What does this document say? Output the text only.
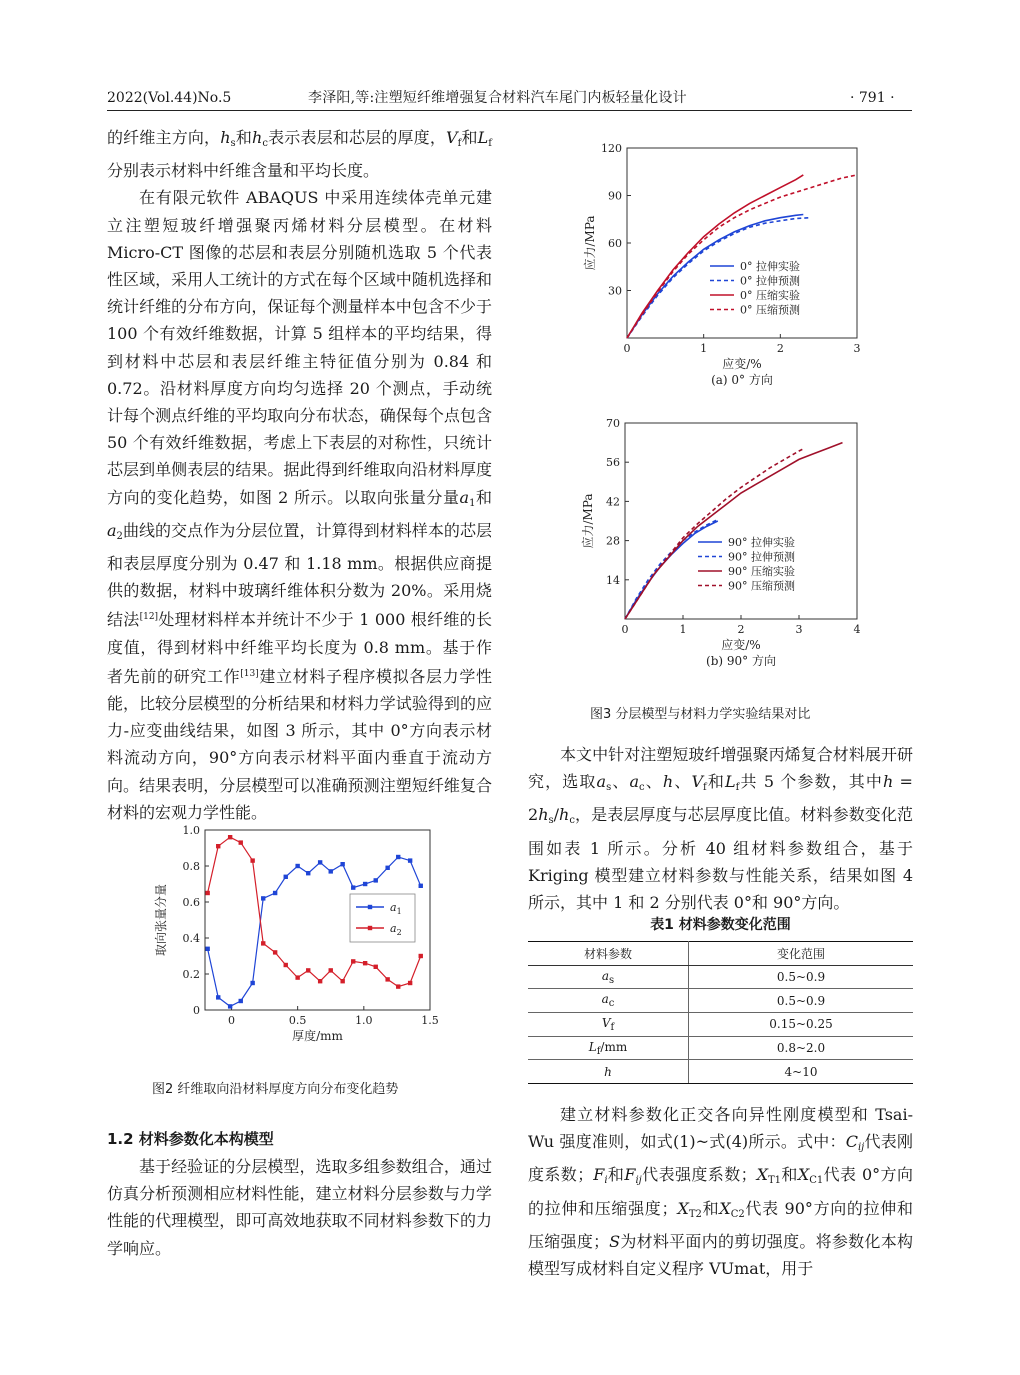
2022(Vol.44)No.5	李泽阳,等:注塑短纤维增强复合材料汽车尾门内板轻量化设计	· 791 ·

的纤维主方向，$h_s$和$h_c$表示表层和芯层的厚度，$V_f$和$L_f$分别表示材料中纤维含量和平均长度。

在有限元软件 ABAQUS 中采用连续体壳单元建立注塑短玻纤增强聚丙烯材料分层模型。在材料 Micro-CT 图像的芯层和表层分别随机选取 5 个代表性区域，采用人工统计的方式在每个区域中随机选择和统计纤维的分布方向，保证每个测量样本中包含不少于 100 个有效纤维数据，计算 5 组样本的平均结果，得到材料中芯层和表层纤维主特征值分别为 0.84 和 0.72。沿材料厚度方向均匀选择 20 个测点，手动统计每个测点纤维的平均取向分布状态，确保每个点包含 50 个有效纤维数据，考虑上下表层的对称性，只统计芯层到单侧表层的结果。据此得到纤维取向沿材料厚度方向的变化趋势，如图 2 所示。以取向张量分量$a_1$和$a_2$曲线的交点作为分层位置，计算得到材料样本的芯层和表层厚度分别为 0.47 和 1.18 mm。根据供应商提供的数据，材料中玻璃纤维体积分数为 20%。采用烧结法[12]处理材料样本并统计不少于 1 000 根纤维的长度值，得到材料中纤维平均长度为 0.8 mm。基于作者先前的研究工作[13]建立材料子程序模拟各层力学性能，比较分层模型的分析结果和材料力学试验得到的应力-应变曲线结果，如图 3 所示，其中 0°方向表示材料流动方向，90°方向表示材料平面内垂直于流动方向。结果表明，分层模型可以准确预测注塑短纤维复合材料的宏观力学性能。

0	0.5	1.0	1.5
0
0.2
0.4
0.6
0.8
1.0
厚度/mm
取向张量分量	$a_1$
$a_2$
图2 纤维取向沿材料厚度方向分布变化趋势
1.2 材料参数化本构模型

基于经验证的分层模型，选取多组参数组合，通过仿真分析预测相应材料性能，建立材料分层参数与力学性能的代理模型，即可高效地获取不同材料参数下的力学响应。

0	1	2	3
30
60
90
120
应变/%
应力/MPa
(a) 0° 方向
0° 拉伸实验
0° 拉伸预测
0° 压缩实验
0° 压缩预测
0	1	2	3	4
14
28
42
56
70
应变/%
应力/MPa
(b) 90° 方向
90° 拉伸实验
90° 拉伸预测
90° 压缩实验
90° 压缩预测
图3 分层模型与材料力学实验结果对比

本文中针对注塑短玻纤增强聚丙烯复合材料展开研究，选取$a_s$、$a_c$、h、$V_f$和$L_f$共 5 个参数，其中$h = 2h_s/h_c$，是表层厚度与芯层厚度比值。材料参数变化范围如表 1 所示。分析 40 组材料参数组合，基于 Kriging 模型建立材料参数与性能关系，结果如图 4 所示，其中 1 和 2 分别代表 0°和 90°方向。

表1 材料参数变化范围
材料参数	变化范围
$a_s$	0.5~0.9
$a_c$	0.5~0.9
$V_f$	0.15~0.25
$L_f/mm$	0.8~2.0
h	4~10

建立材料参数化正交各向异性刚度模型和 Tsai-Wu 强度准则，如式(1)~式(4)所示。式中：$C_{ij}$代表刚度系数；$F_i$和$F_{ij}$代表强度系数；$X_{T1}$和$X_{C1}$代表 0°方向的拉伸和压缩强度；$X_{T2}$和$X_{C2}$代表 90°方向的拉伸和压缩强度；S为材料平面内的剪切强度。将参数化本构模型写成材料自定义程序 VUmat，用于
